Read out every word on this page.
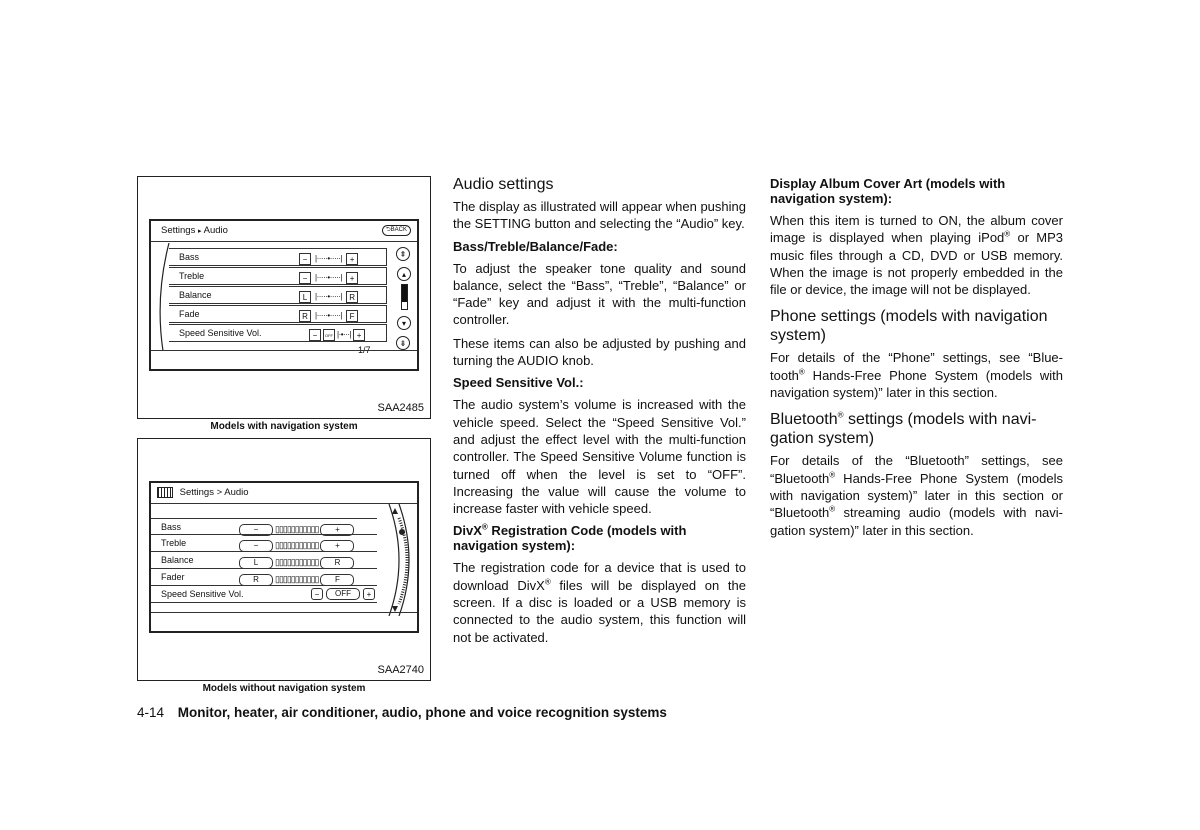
Settings ▸ Audio	⮌BACK
Bass	− |·····•·····| +
Treble	− |·····•·····| +
Balance	L |·····•·····| R
Fade	R |·····•·····| F
Speed Sensitive Vol.	−	OFF |·•···| +
1/7
⇞
▴
▾
⇟
SAA2485
Models with navigation system
Settings > Audio
Bass	−	▯▯▯▯▯▯▯▯▯▯▯	+
Treble	−	▯▯▯▯▯▯▯▯▯▯▯	+
Balance	L	▯▯▯▯▯▯▯▯▯▯▯	R
Fader	R	▯▯▯▯▯▯▯▯▯▯▯	F
Speed Sensitive Vol.	−	OFF	+
SAA2740
Models without navigation system
Audio settings

The display as illustrated will appear when pushing the SETTING button and selecting the “Audio” key.

Bass/Treble/Balance/Fade:

To adjust the speaker tone quality and sound balance, select the “Bass”, “Treble”, “Balance” or “Fade” key and adjust it with the multi-function controller.

These items can also be adjusted by pushing and turning the AUDIO knob.

Speed Sensitive Vol.:

The audio system’s volume is increased with the vehicle speed. Select the “Speed Sensitive Vol.” and adjust the effect level with the multi-function controller. The Speed Sensitive Volume function is turned off when the level is set to “OFF”. Increasing the value will cause the volume to increase faster with vehicle speed.

DivX® Registration Code (models with navigation system):

The registration code for a device that is used to download DivX® files will be displayed on the screen. If a disc is loaded or a USB memory is connected to the audio system, this function will not be activated.

Display Album Cover Art (models with navigation system):

When this item is turned to ON, the album cover image is displayed when playing iPod® or MP3 music files through a CD, DVD or USB memory. When the image is not properly embedded in the file or device, the image will not be displayed.

Phone settings (models with navigation system)

For details of the “Phone” settings, see “Blue-tooth® Hands-Free Phone System (models with navigation system)” later in this section.

Bluetooth® settings (models with navi-gation system)

For details of the “Bluetooth” settings, see “Bluetooth® Hands-Free Phone System (models with navigation system)” later in this section or “Bluetooth® streaming audio (models with navi-gation system)” later in this section.

4-14 Monitor, heater, air conditioner, audio, phone and voice recognition systems
